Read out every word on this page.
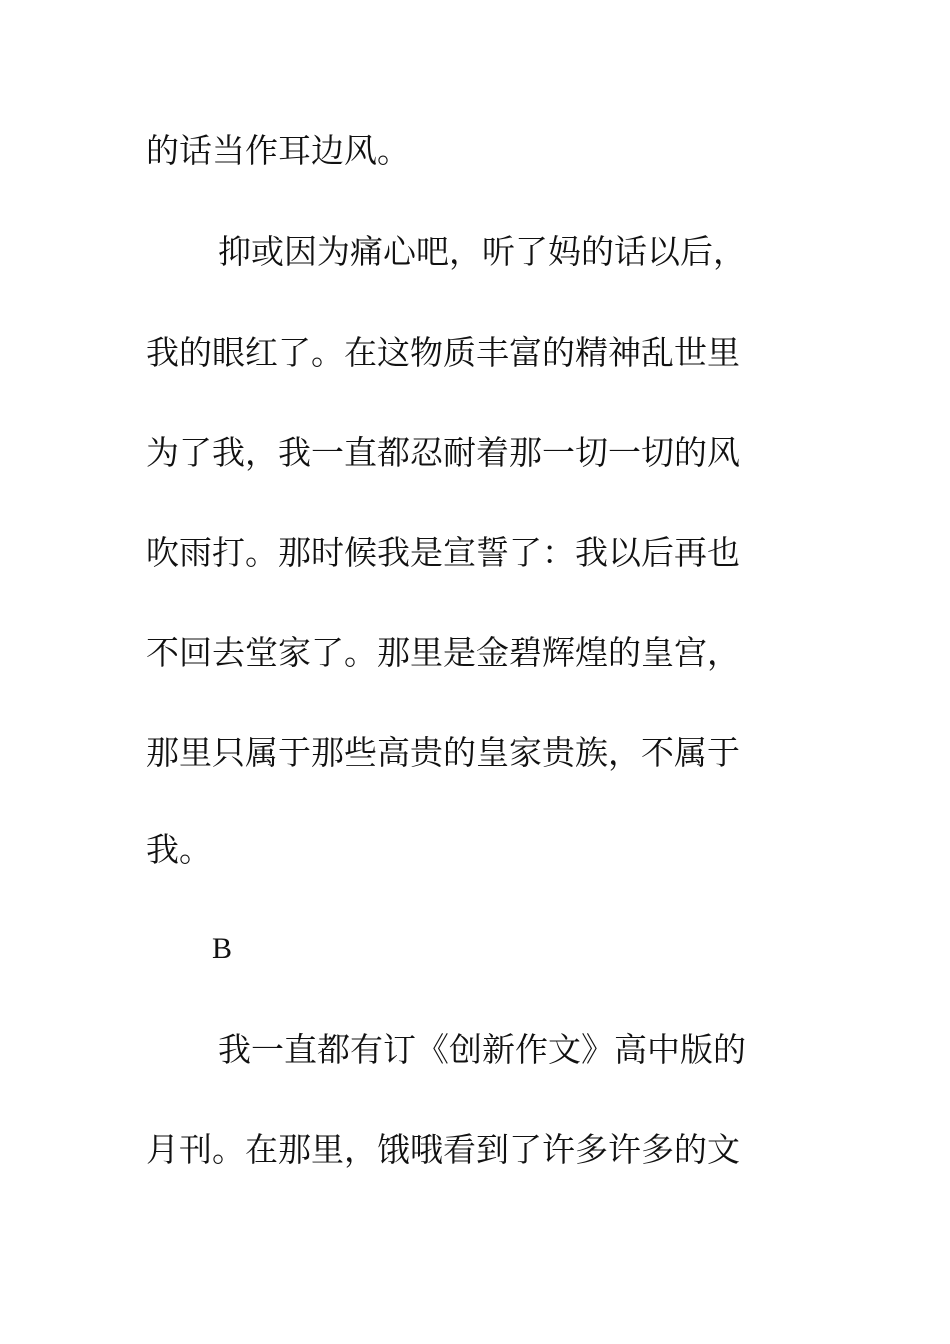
的话当作耳边风。
抑或因为痛心吧，听了妈的话以后，
我的眼红了。在这物质丰富的精神乱世里
为了我，我一直都忍耐着那一切一切的风
吹雨打。那时候我是宣誓了：我以后再也
不回去堂家了。那里是金碧辉煌的皇宫，
那里只属于那些高贵的皇家贵族，不属于
我。
B
我一直都有订《创新作文》高中版的
月刊。在那里，饿哦看到了许多许多的文
